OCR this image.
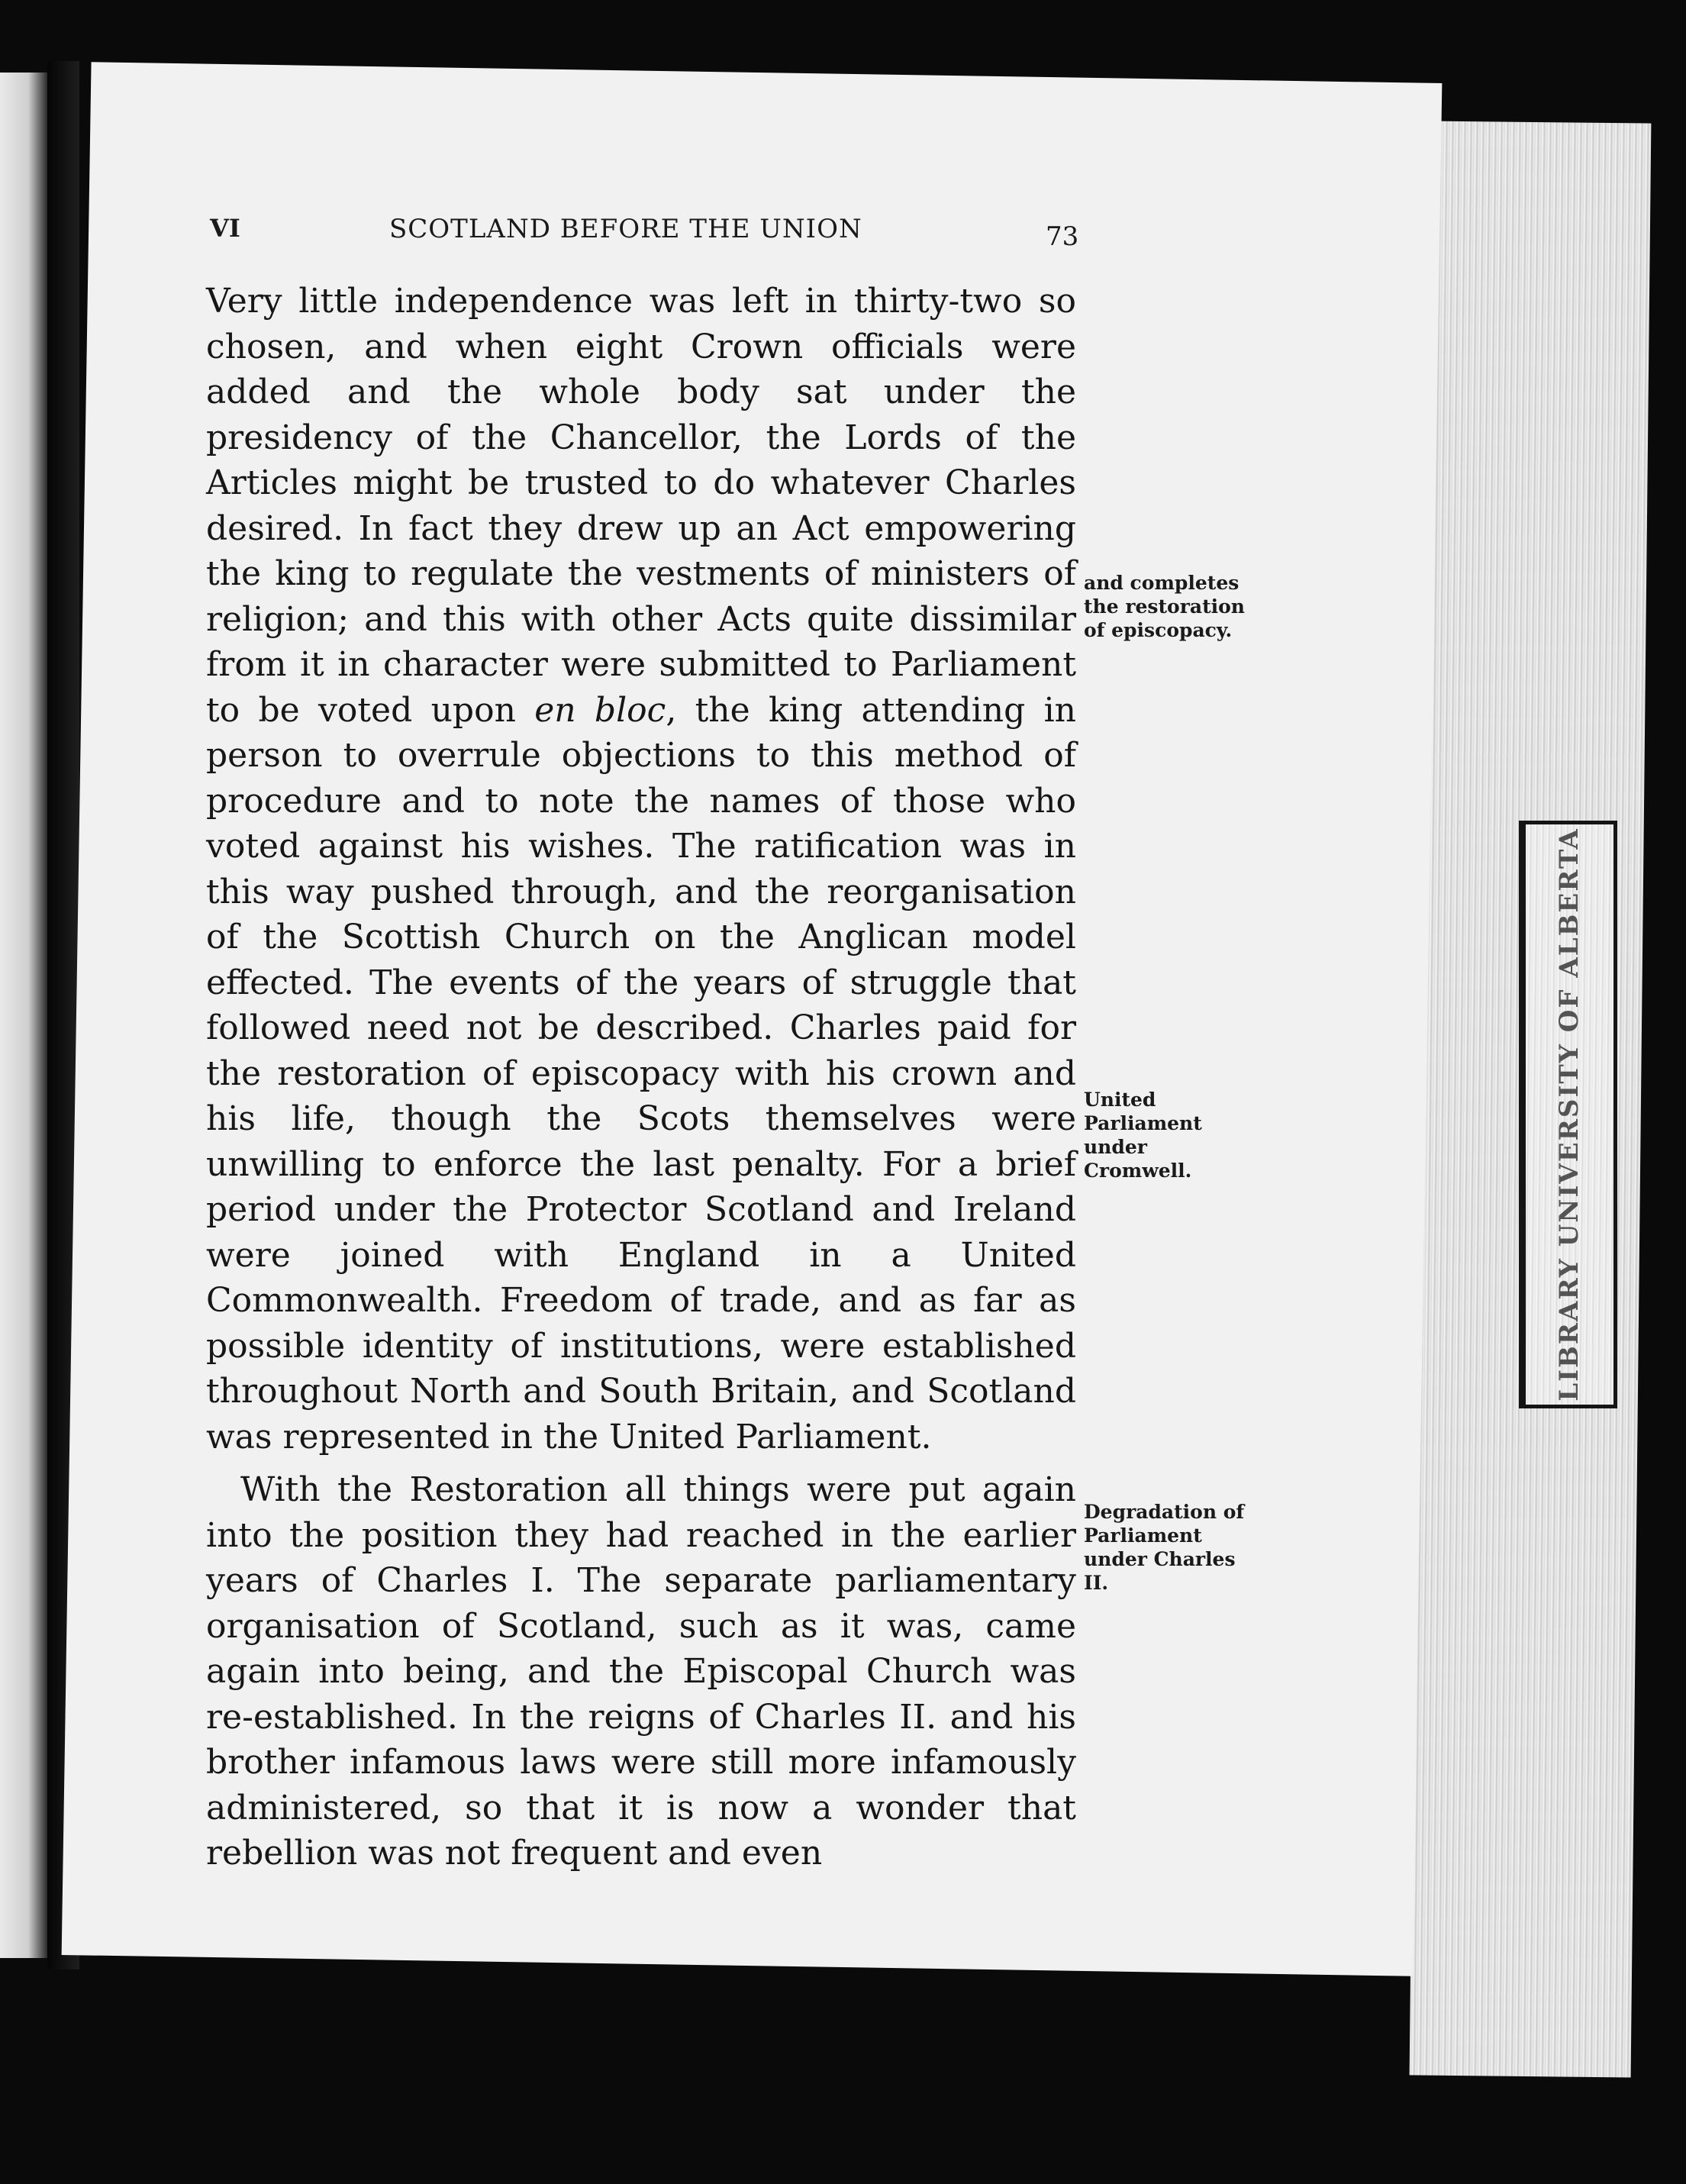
LIBRARY UNIVERSITY OF ALBERTA
VI	SCOTLAND BEFORE THE UNION	73

Very little independence was left in thirty-two so chosen, and when eight Crown officials were added and the whole body sat under the presidency of the Chancellor, the Lords of the Articles might be trusted to do whatever Charles desired. In fact they drew up an Act empowering the king to regulate the vestments of ministers of religion; and this with other Acts quite dissimilar from it in character were submitted to Parliament to be voted upon en bloc, the king attending in person to overrule objections to this method of procedure and to note the names of those who voted against his wishes. The ratification was in this way pushed through, and the reorganisation of the Scottish Church on the Anglican model effected. The events of the years of struggle that followed need not be described. Charles paid for the restoration of episcopacy with his crown and his life, though the Scots themselves were unwilling to enforce the last penalty. For a brief period under the Protector Scotland and Ireland were joined with England in a United Commonwealth. Freedom of trade, and as far as possible identity of institutions, were established throughout North and South Britain, and Scotland was represented in the United Parliament.

With the Restoration all things were put again into the position they had reached in the earlier years of Charles I. The separate parliamentary organisation of Scotland, such as it was, came again into being, and the Episcopal Church was re-established. In the reigns of Charles II. and his brother infamous laws were still more infamously administered, so that it is now a wonder that rebellion was not frequent and even

and completes the restoration of episcopacy.
United Parliament under Cromwell.
Degradation of Parliament under Charles II.
